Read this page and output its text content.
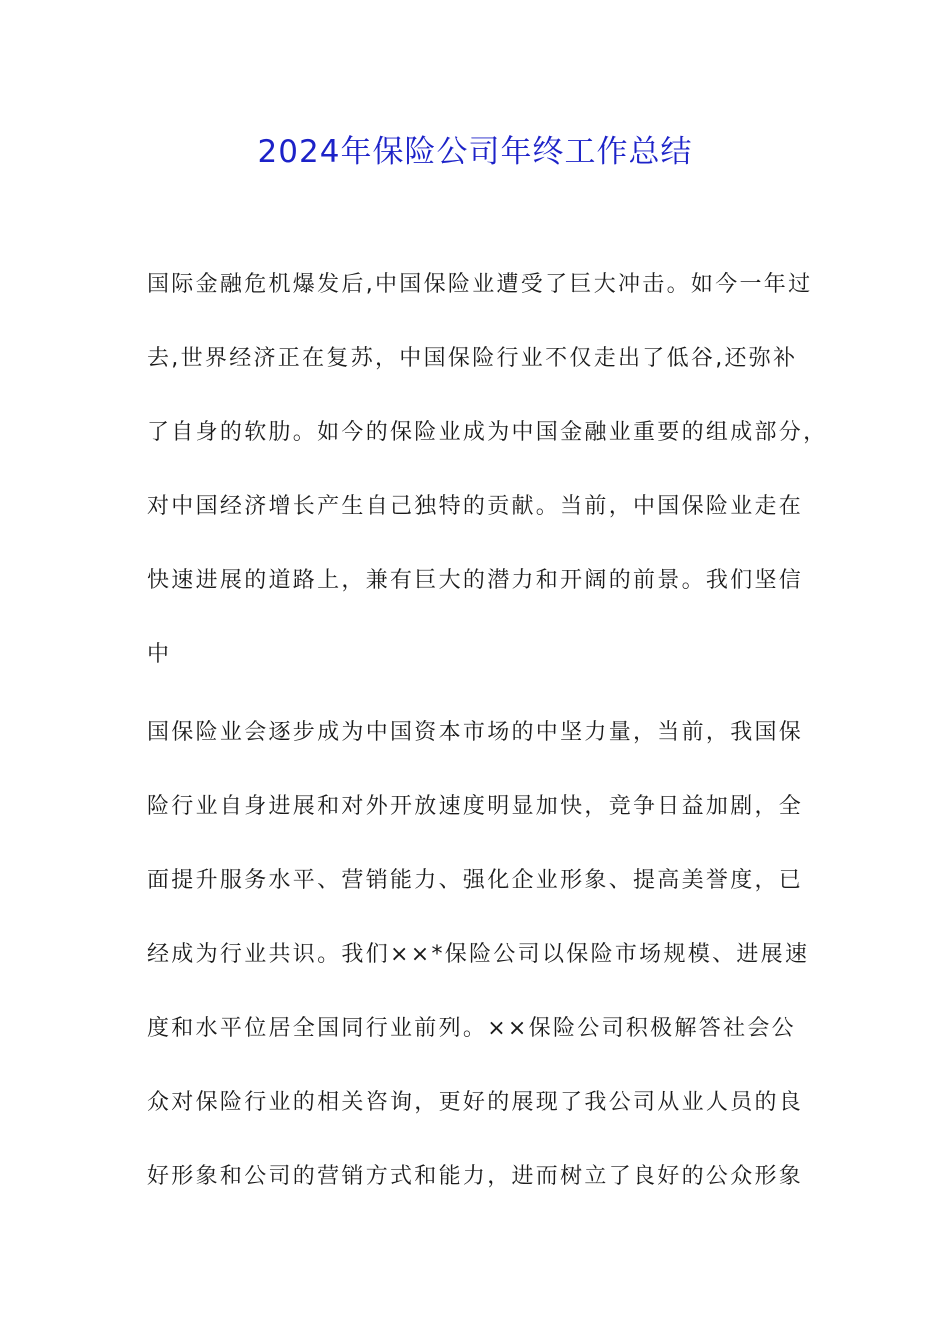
2024年保险公司年终工作总结
国际金融危机爆发后,中国保险业遭受了巨大冲击。如今一年过
去,世界经济正在复苏，中国保险行业不仅走出了低谷,还弥补
了自身的软肋。如今的保险业成为中国金融业重要的组成部分，
对中国经济增长产生自己独特的贡献。当前，中国保险业走在
快速进展的道路上，兼有巨大的潜力和开阔的前景。我们坚信
中
国保险业会逐步成为中国资本市场的中坚力量，当前，我国保
险行业自身进展和对外开放速度明显加快，竞争日益加剧，全
面提升服务水平、营销能力、强化企业形象、提高美誉度，已
经成为行业共识。我们××*保险公司以保险市场规模、进展速
度和水平位居全国同行业前列。××保险公司积极解答社会公
众对保险行业的相关咨询，更好的展现了我公司从业人员的良
好形象和公司的营销方式和能力，进而树立了良好的公众形象
